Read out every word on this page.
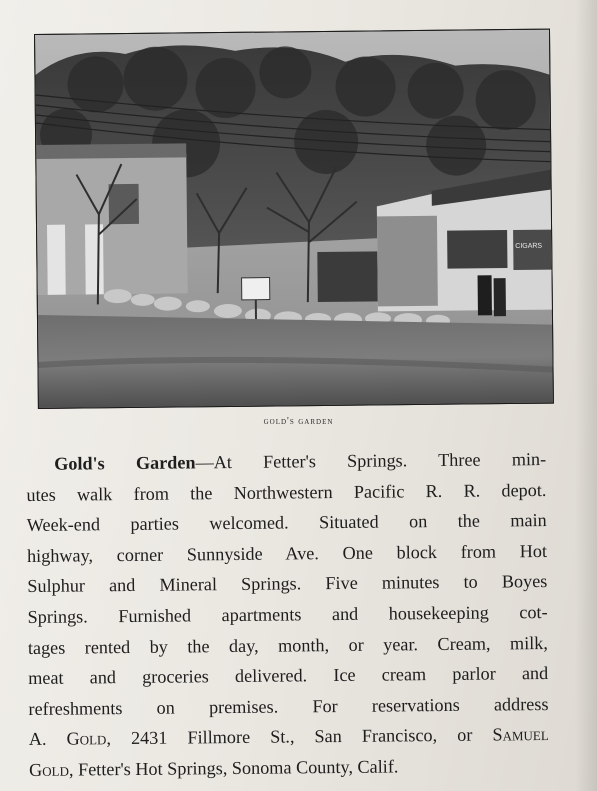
CIGARS
gold's garden
Gold's Garden—At Fetter's Springs. Three min-
utes walk from the Northwestern Pacific R. R. depot.
Week-end parties welcomed. Situated on the main
highway, corner Sunnyside Ave. One block from Hot
Sulphur and Mineral Springs. Five minutes to Boyes
Springs. Furnished apartments and housekeeping cot-
tages rented by the day, month, or year. Cream, milk,
meat and groceries delivered. Ice cream parlor and
refreshments on premises. For reservations address
A. Gold, 2431 Fillmore St., San Francisco, or Samuel
Gold, Fetter's Hot Springs, Sonoma County, Calif.
